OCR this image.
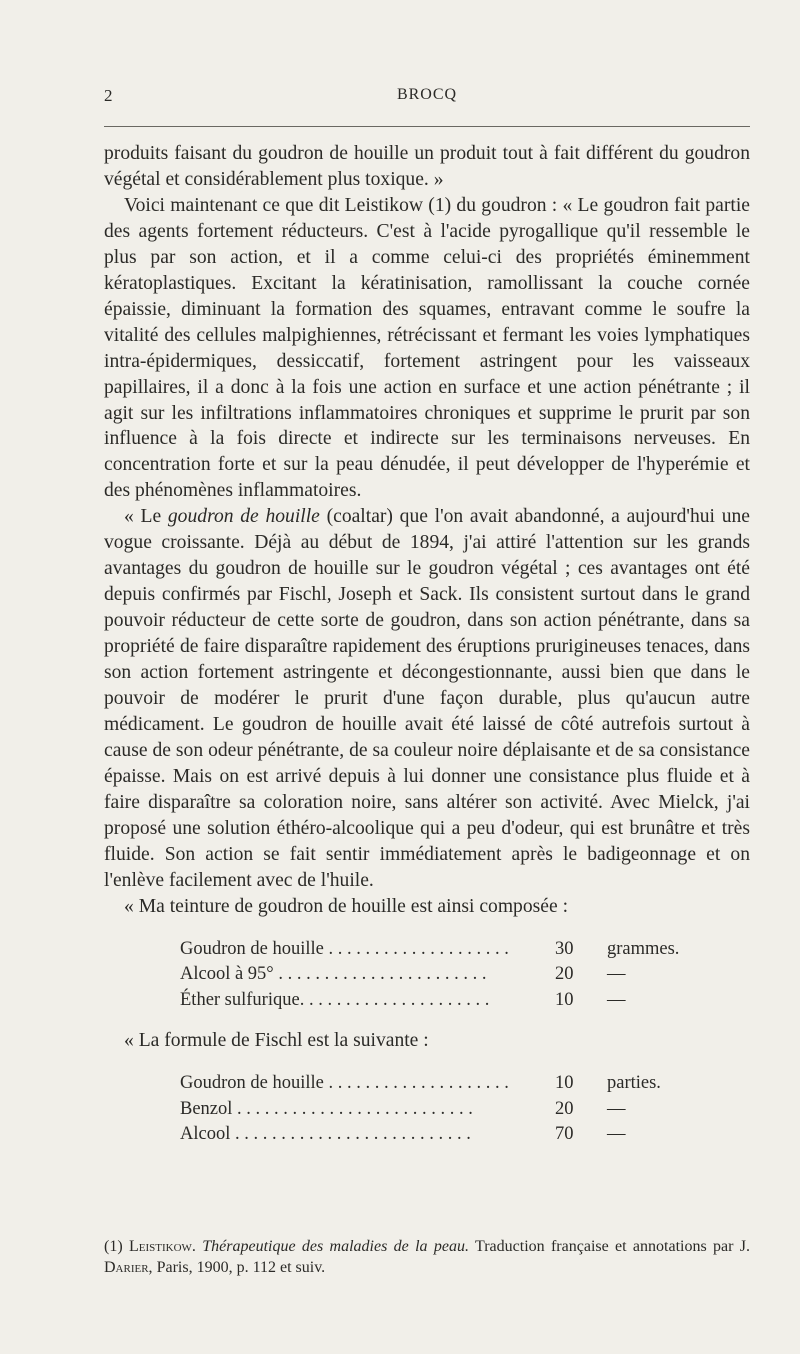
2	BROCQ

produits faisant du goudron de houille un produit tout à fait différent du goudron végétal et considérablement plus toxique. »

Voici maintenant ce que dit Leistikow (1) du goudron : « Le goudron fait partie des agents fortement réducteurs. C'est à l'acide pyrogallique qu'il ressemble le plus par son action, et il a comme celui-ci des propriétés éminemment kératoplastiques. Excitant la kératinisation, ramollissant la couche cornée épaissie, diminuant la formation des squames, entravant comme le soufre la vitalité des cellules malpighiennes, rétrécissant et fermant les voies lymphatiques intra-épidermiques, dessiccatif, fortement astringent pour les vaisseaux papillaires, il a donc à la fois une action en surface et une action pénétrante ; il agit sur les infiltrations inflammatoires chroniques et supprime le prurit par son influence à la fois directe et indirecte sur les terminaisons nerveuses. En concentration forte et sur la peau dénudée, il peut développer de l'hyperémie et des phénomènes inflammatoires.

« Le goudron de houille (coaltar) que l'on avait abandonné, a aujourd'hui une vogue croissante. Déjà au début de 1894, j'ai attiré l'attention sur les grands avantages du goudron de houille sur le goudron végétal ; ces avantages ont été depuis confirmés par Fischl, Joseph et Sack. Ils consistent surtout dans le grand pouvoir réducteur de cette sorte de goudron, dans son action pénétrante, dans sa propriété de faire disparaître rapidement des éruptions prurigineuses tenaces, dans son action fortement astringente et décongestionnante, aussi bien que dans le pouvoir de modérer le prurit d'une façon durable, plus qu'aucun autre médicament. Le goudron de houille avait été laissé de côté autrefois surtout à cause de son odeur pénétrante, de sa couleur noire déplaisante et de sa consistance épaisse. Mais on est arrivé depuis à lui donner une consistance plus fluide et à faire disparaître sa coloration noire, sans altérer son activité. Avec Mielck, j'ai proposé une solution éthéro-alcoolique qui a peu d'odeur, qui est brunâtre et très fluide. Son action se fait sentir immédiatement après le badigeonnage et on l'enlève facilement avec de l'huile.

« Ma teinture de goudron de houille est ainsi composée :

Goudron de houille . . . . . . . . . . . . . . . . . . . .	30	grammes.
Alcool à 95° . . . . . . . . . . . . . . . . . . . . . . .	20	—
Éther sulfurique. . . . . . . . . . . . . . . . . . . . .	10	—

« La formule de Fischl est la suivante :

Goudron de houille . . . . . . . . . . . . . . . . . . . .	10	parties.
Benzol . . . . . . . . . . . . . . . . . . . . . . . . . .	20	—
Alcool . . . . . . . . . . . . . . . . . . . . . . . . . .	70	—
(1) Leistikow. Thérapeutique des maladies de la peau. Traduction française et annotations par J. Darier, Paris, 1900, p. 112 et suiv.
